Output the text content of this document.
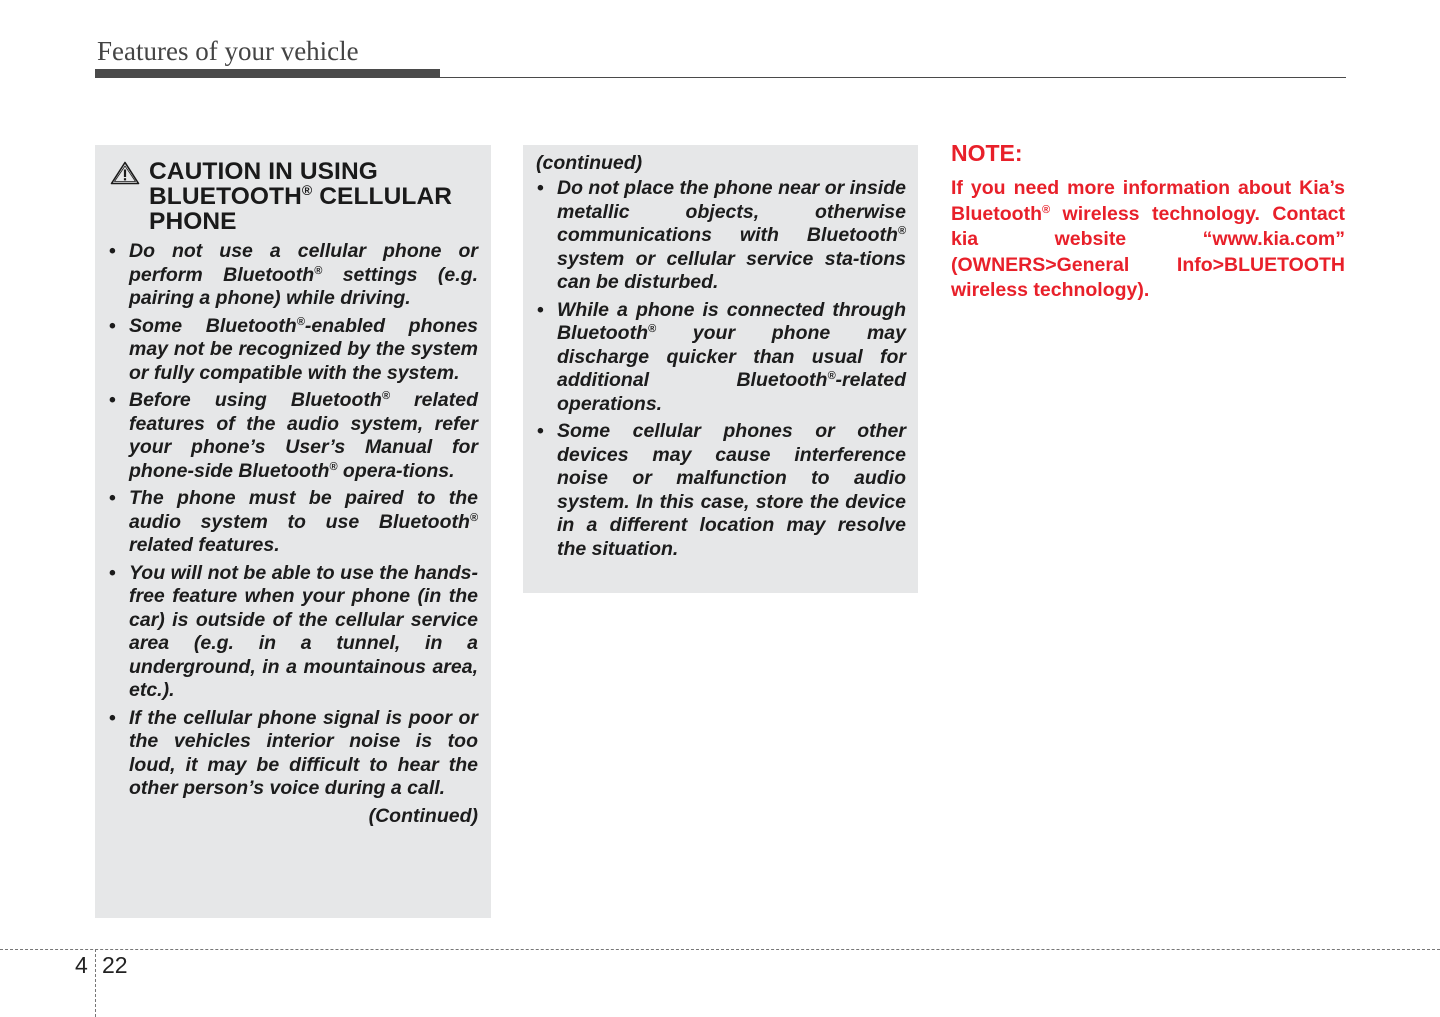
Features of your vehicle
CAUTION IN USING
BLUETOOTH® CELLULAR
PHONE
• Do not use a cellular phone or perform Bluetooth® settings (e.g. pairing a phone) while driving.
• Some Bluetooth®-enabled phones may not be recognized by the system or fully compatible with the system.
• Before using Bluetooth® related features of the audio system, refer your phone’s User’s Manual for phone-side Bluetooth® opera-tions.
• The phone must be paired to the audio system to use Bluetooth® related features.
• You will not be able to use the hands-free feature when your phone (in the car) is outside of the cellular service area (e.g. in a tunnel, in a underground, in a mountainous area, etc.).
• If the cellular phone signal is poor or the vehicles interior noise is too loud, it may be difficult to hear the other person’s voice during a call.
(Continued)
(continued)
• Do not place the phone near or inside metallic objects, otherwise communications with Bluetooth® system or cellular service sta-tions can be disturbed.
• While a phone is connected through Bluetooth® your phone may discharge quicker than usual for additional Bluetooth®-related operations.
• Some cellular phones or other devices may cause interference noise or malfunction to audio system. In this case, store the device in a different location may resolve the situation.
NOTE:
If you need more information about Kia’s Bluetooth® wireless technology. Contact kia website “www.kia.com” (OWNERS>General Info>BLUETOOTH wireless technology).
4 22
